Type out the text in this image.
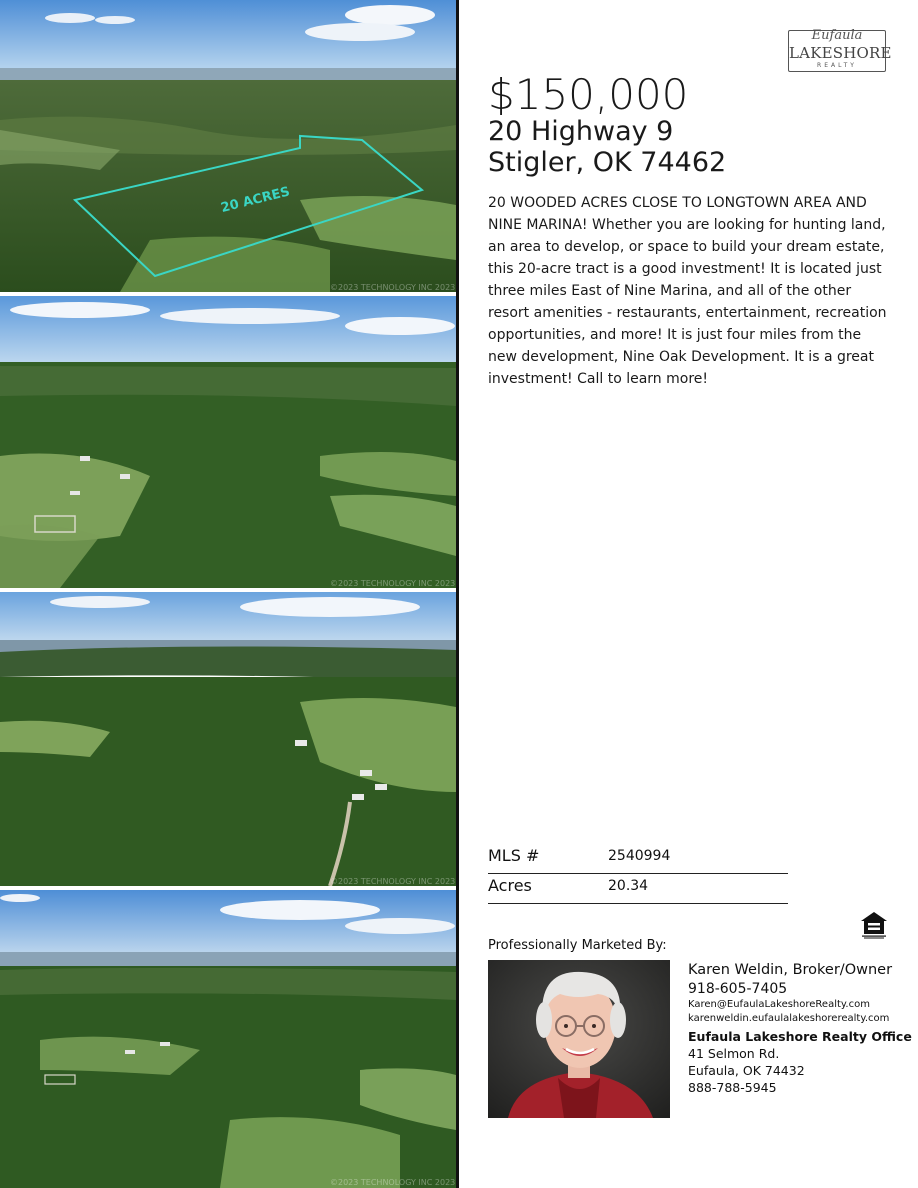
20 ACRES
©2023 TECHNOLOGY INC 2023
©2023 TECHNOLOGY INC 2023
©2023 TECHNOLOGY INC 2023
©2023 TECHNOLOGY INC 2023
Eufaula
LAKESHORE
REALTY
$150,000
20 Highway 9
Stigler, OK 74462
20 WOODED ACRES CLOSE TO LONGTOWN AREA AND NINE MARINA! Whether you are looking for hunting land, an area to develop, or space to build your dream estate, this 20-acre tract is a good investment! It is located just three miles East of Nine Marina, and all of the other resort amenities - restaurants, entertainment, recreation opportunities, and more! It is just four miles from the new development, Nine Oak Development. It is a great investment! Call to learn more!
MLS #	2540994
Acres	20.34
Professionally Marketed By:
Karen Weldin, Broker/Owner
918-605-7405
Karen@EufaulaLakeshoreRealty.com
karenweldin.eufaulalakeshorerealty.com
Eufaula Lakeshore Realty Office
41 Selmon Rd.
Eufaula, OK 74432
888-788-5945
